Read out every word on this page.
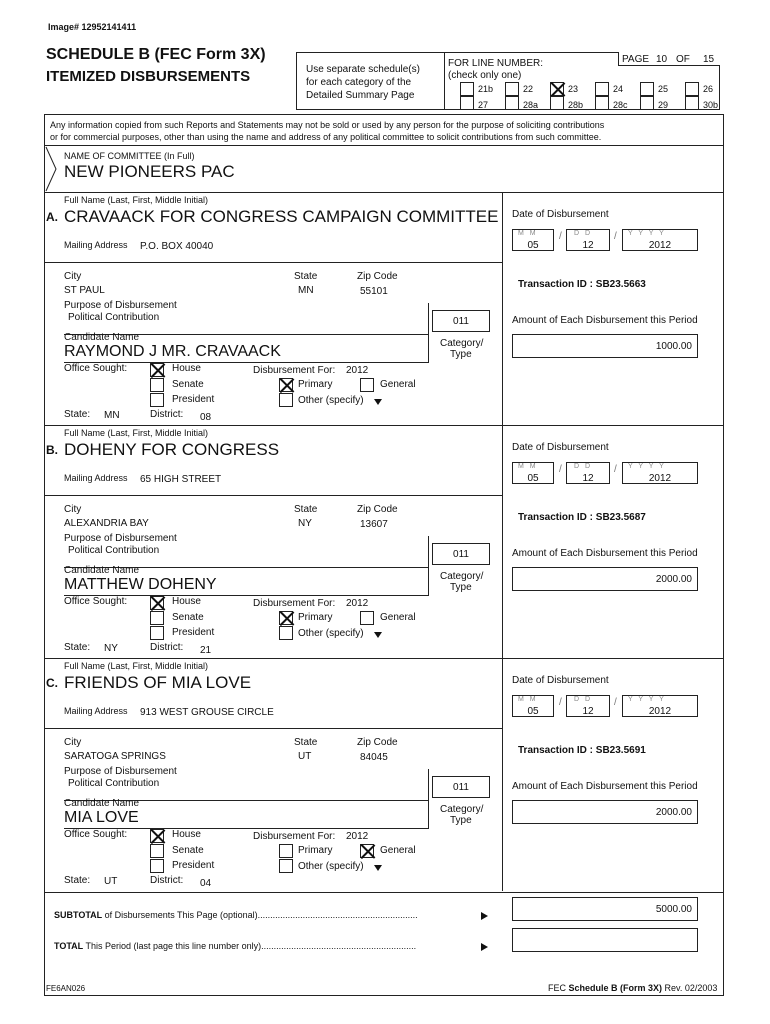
Image# 12952141411
SCHEDULE B (FEC Form 3X)
ITEMIZED DISBURSEMENTS	Use separate schedule(s)
for each category of the
Detailed Summary Page
PAGE 10 OF 15
FOR LINE NUMBER:
(check only one)
21b	22	23	24	25	26
27	28a	28b	28c	29	30b
Any information copied from such Reports and Statements may not be sold or used by any person for the purpose of soliciting contributions
or for commercial purposes, other than using the name and address of any political committee to solicit contributions from such committee.
NAME OF COMMITTEE (In Full)
NEW PIONEERS PAC
Full Name (Last, First, Middle Initial)
A. CRAVAACK FOR CONGRESS CAMPAIGN COMMITTEE
Mailing Address P.O. BOX 40040
Date of Disbursement
M M
05
/ D D
12
/ Y Y Y Y
2012
City
ST PAUL
State
MN
Zip Code
55101
Transaction ID : SB23.5663
Purpose of Disbursement
Political Contribution	011	Amount of Each Disbursement this Period
Candidate Name
RAYMOND J MR. CRAVAACK	Category/
Type
1000.00
Office Sought:	House
Senate
President
Disbursement For: 2012
Primary	General
Other (specify)
State: MN	District: 08
Full Name (Last, First, Middle Initial)
B. DOHENY FOR CONGRESS
Mailing Address 65 HIGH STREET
Date of Disbursement
M M
05
/ D D
12
/ Y Y Y Y
2012
City
ALEXANDRIA BAY
State
NY
Zip Code
13607
Transaction ID : SB23.5687
Purpose of Disbursement
Political Contribution	011	Amount of Each Disbursement this Period
Candidate Name
MATTHEW DOHENY	Category/
Type
2000.00
Office Sought:	House
Senate
President
Disbursement For: 2012
Primary	General
Other (specify)
State: NY	District: 21
Full Name (Last, First, Middle Initial)
C. FRIENDS OF MIA LOVE
Mailing Address 913 WEST GROUSE CIRCLE
Date of Disbursement
M M
05
/ D D
12
/ Y Y Y Y
2012
City
SARATOGA SPRINGS
State
UT
Zip Code
84045
Transaction ID : SB23.5691
Purpose of Disbursement
Political Contribution	011	Amount of Each Disbursement this Period
Candidate Name
MIA LOVE	Category/
Type
2000.00
Office Sought:	House
Senate
President
Disbursement For: 2012
Primary	General
Other (specify)
State: UT	District: 04
SUBTOTAL of Disbursements This Page (optional)................................................................	5000.00
TOTAL This Period (last page this line number only)..............................................................
FE6AN026	FEC Schedule B (Form 3X) Rev. 02/2003
